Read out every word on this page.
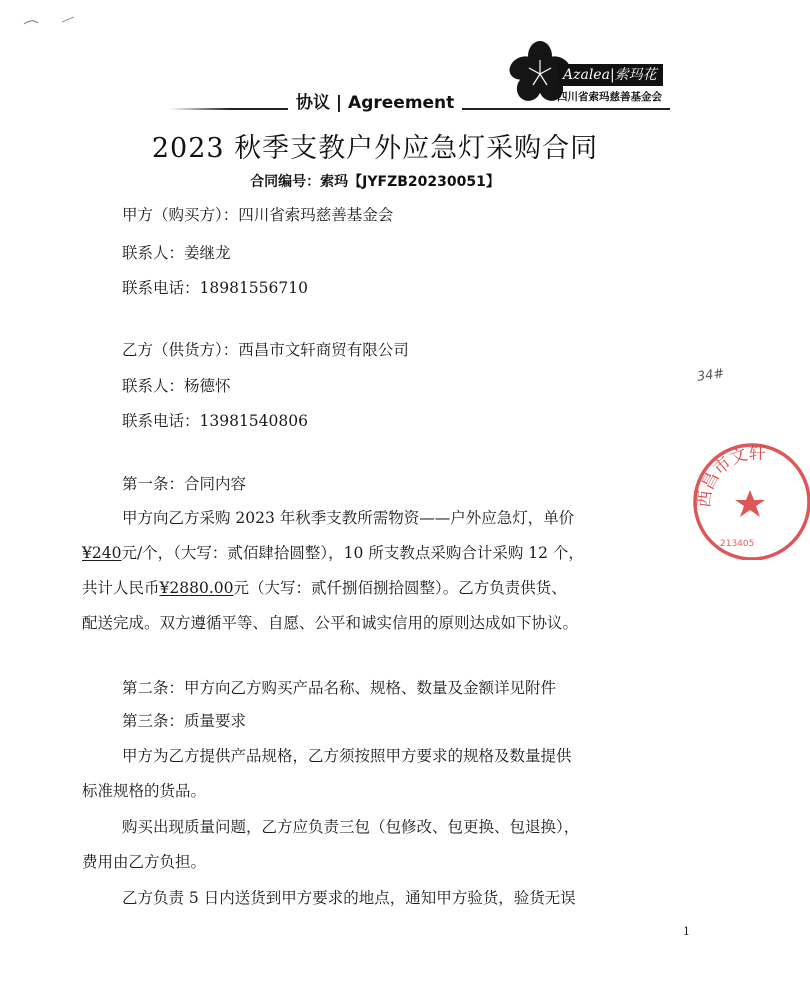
Azalea|索玛花
四川省索玛慈善基金会
协议 | Agreement
2023 秋季支教户外应急灯采购合同
合同编号：索玛【JYFZB20230051】
甲方（购买方）：四川省索玛慈善基金会
联系人：姜继龙
联系电话：18981556710
乙方（供货方）：西昌市文轩商贸有限公司
联系人：杨德怀
联系电话：13981540806
第一条：合同内容
甲方向乙方采购 2023 年秋季支教所需物资——户外应急灯，单价
¥240元/个，（大写：贰佰肆拾圆整），10 所支教点采购合计采购 12 个，
共计人民币¥2880.00元（大写：贰仟捌佰捌拾圆整）。乙方负责供货、
配送完成。双方遵循平等、自愿、公平和诚实信用的原则达成如下协议。
第二条：甲方向乙方购买产品名称、规格、数量及金额详见附件
第三条：质量要求
甲方为乙方提供产品规格，乙方须按照甲方要求的规格及数量提供
标准规格的货品。
购买出现质量问题，乙方应负责三包（包修改、包更换、包退换），
费用由乙方负担。
乙方负责 5 日内送货到甲方要求的地点，通知甲方验货，验货无误
34#
西昌市文轩
213405
1
